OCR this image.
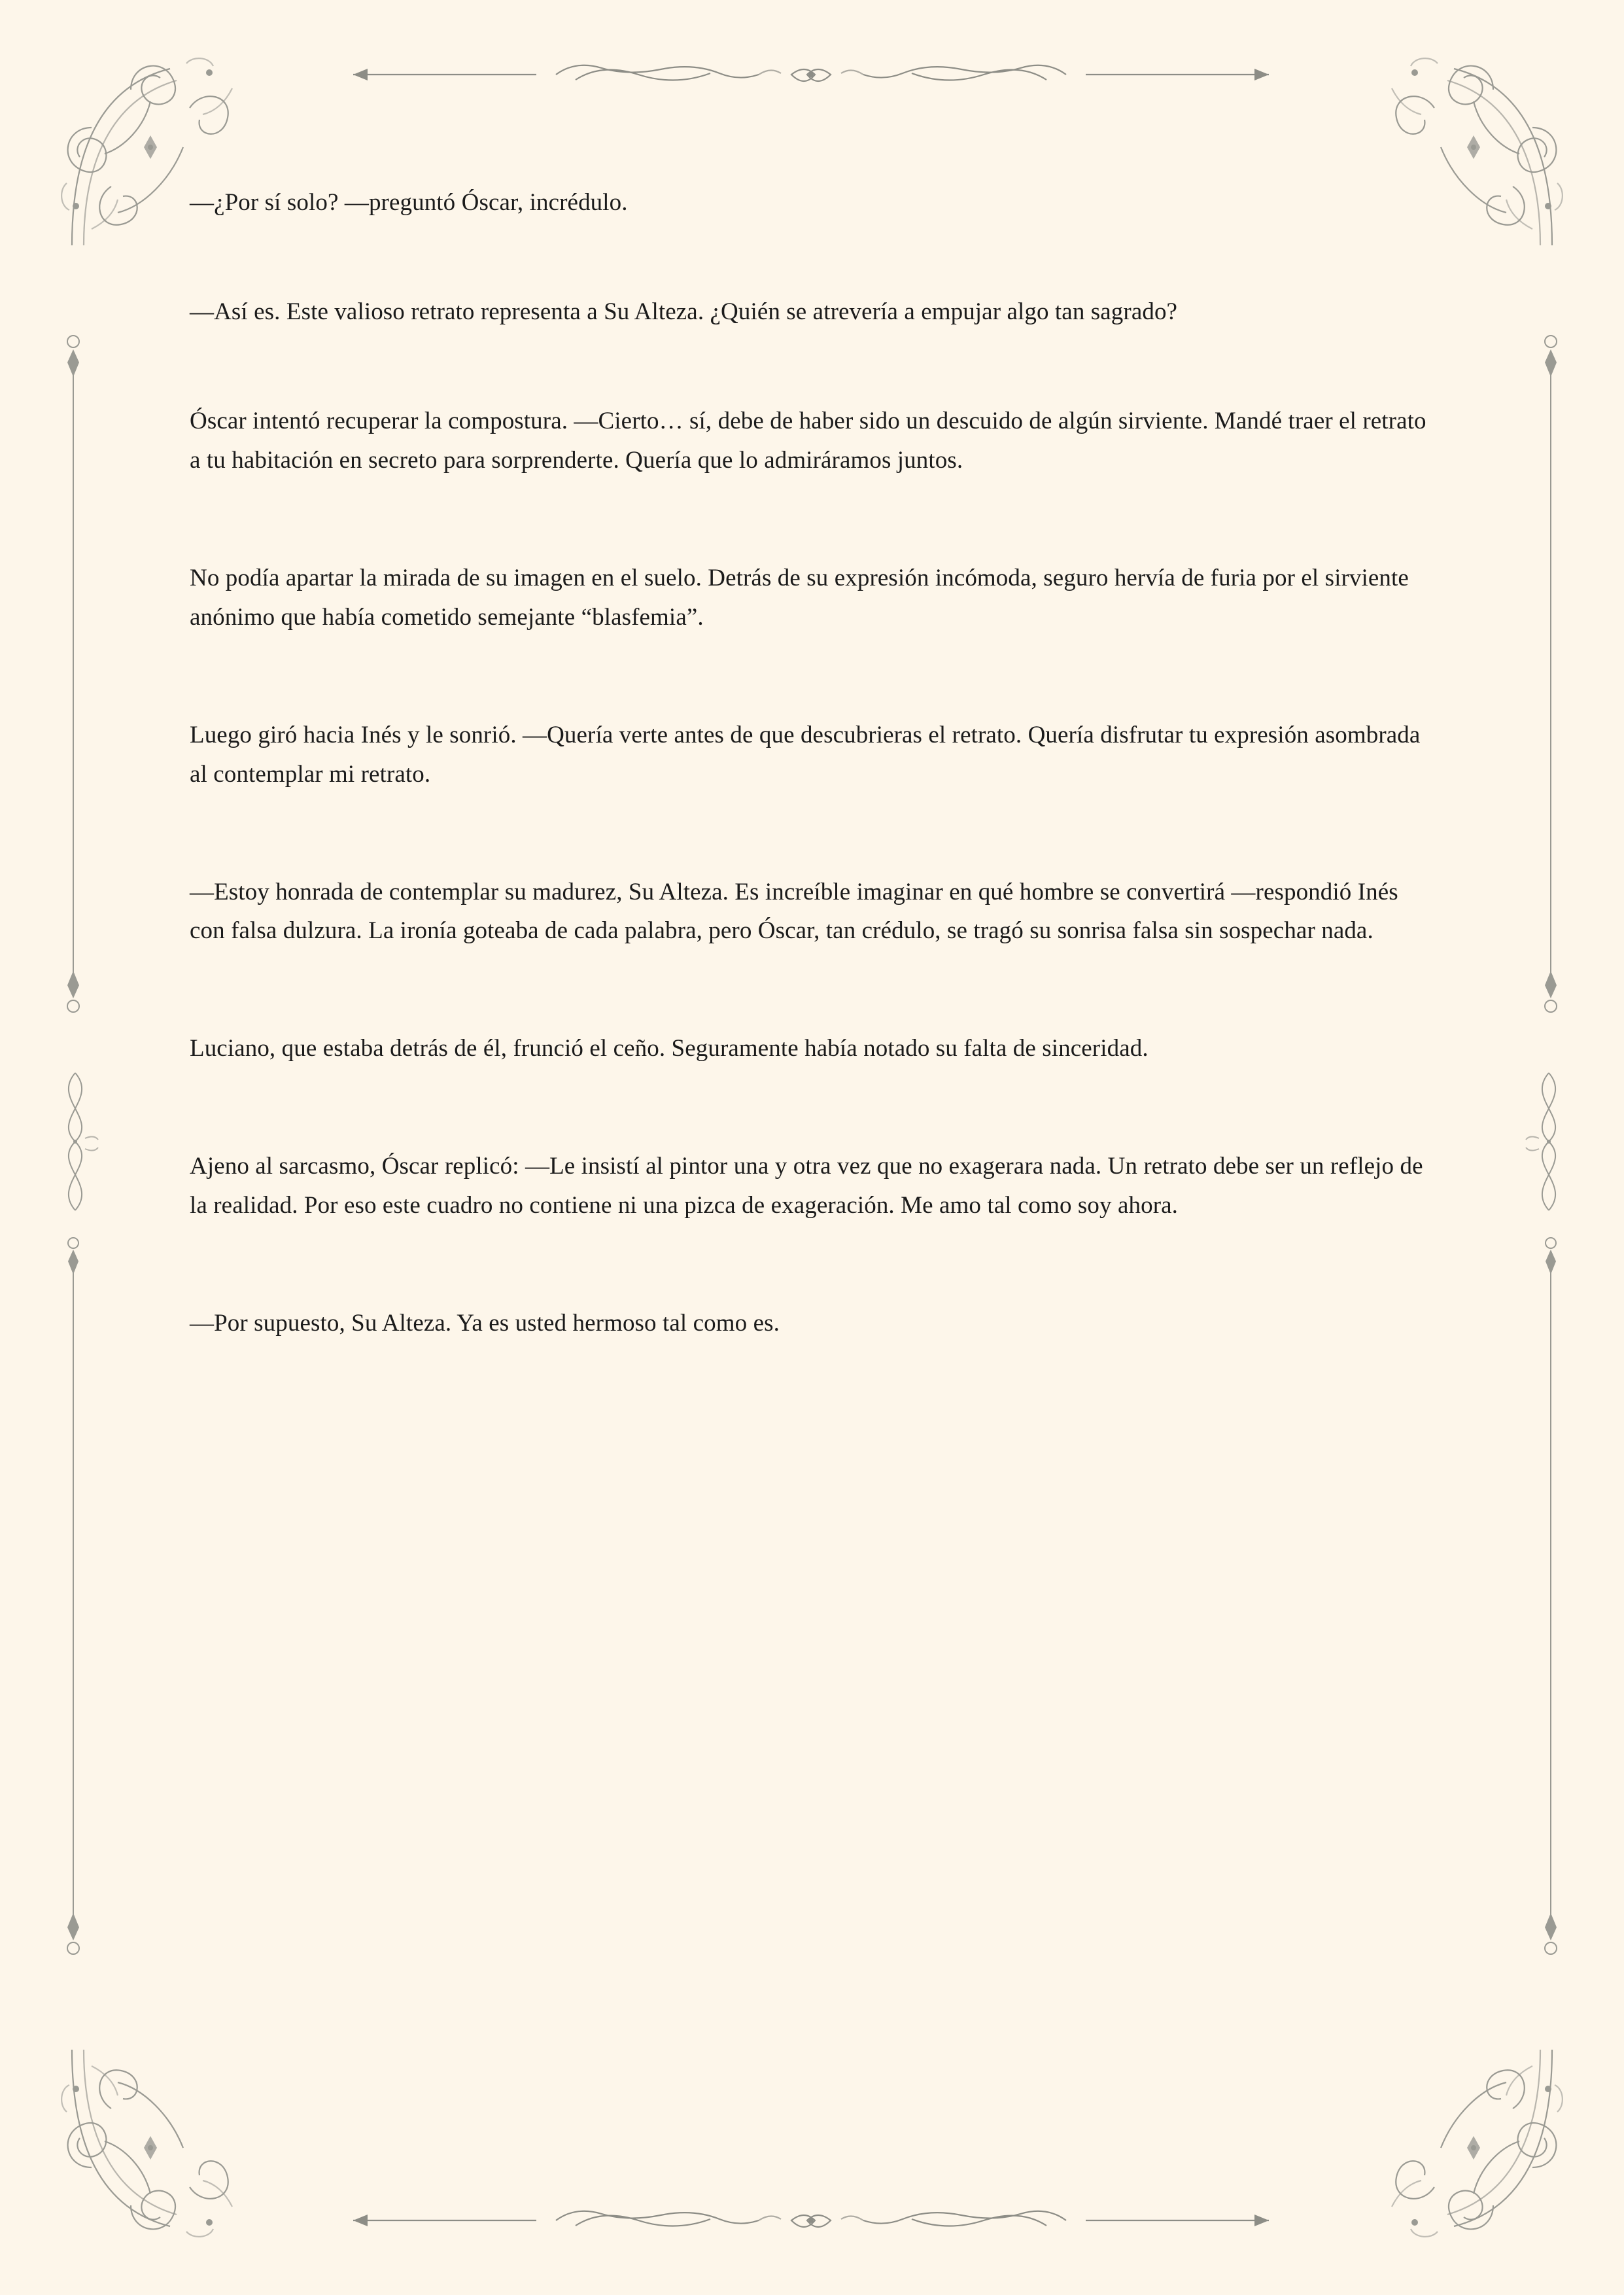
—¿Por sí solo? —preguntó Óscar, incrédulo.

—Así es. Este valioso retrato representa a Su Alteza. ¿Quién se atrevería a empujar algo tan sagrado?

Óscar intentó recuperar la compostura. —Cierto… sí, debe de haber sido un descuido de algún sirviente. Mandé traer el retrato a tu habitación en secreto para sorprenderte. Quería que lo admiráramos juntos.

No podía apartar la mirada de su imagen en el suelo. Detrás de su expresión incómoda, seguro hervía de furia por el sirviente anónimo que había cometido semejante “blasfemia”.

Luego giró hacia Inés y le sonrió. —Quería verte antes de que descubrieras el retrato. Quería disfrutar tu expresión asombrada al contemplar mi retrato.

—Estoy honrada de contemplar su madurez, Su Alteza. Es increíble imaginar en qué hombre se convertirá —respondió Inés con falsa dulzura. La ironía goteaba de cada palabra, pero Óscar, tan crédulo, se tragó su sonrisa falsa sin sospechar nada.

Luciano, que estaba detrás de él, frunció el ceño. Seguramente había notado su falta de sinceridad.

Ajeno al sarcasmo, Óscar replicó: —Le insistí al pintor una y otra vez que no exagerara nada. Un retrato debe ser un reflejo de la realidad. Por eso este cuadro no contiene ni una pizca de exageración. Me amo tal como soy ahora.

—Por supuesto, Su Alteza. Ya es usted hermoso tal como es.
